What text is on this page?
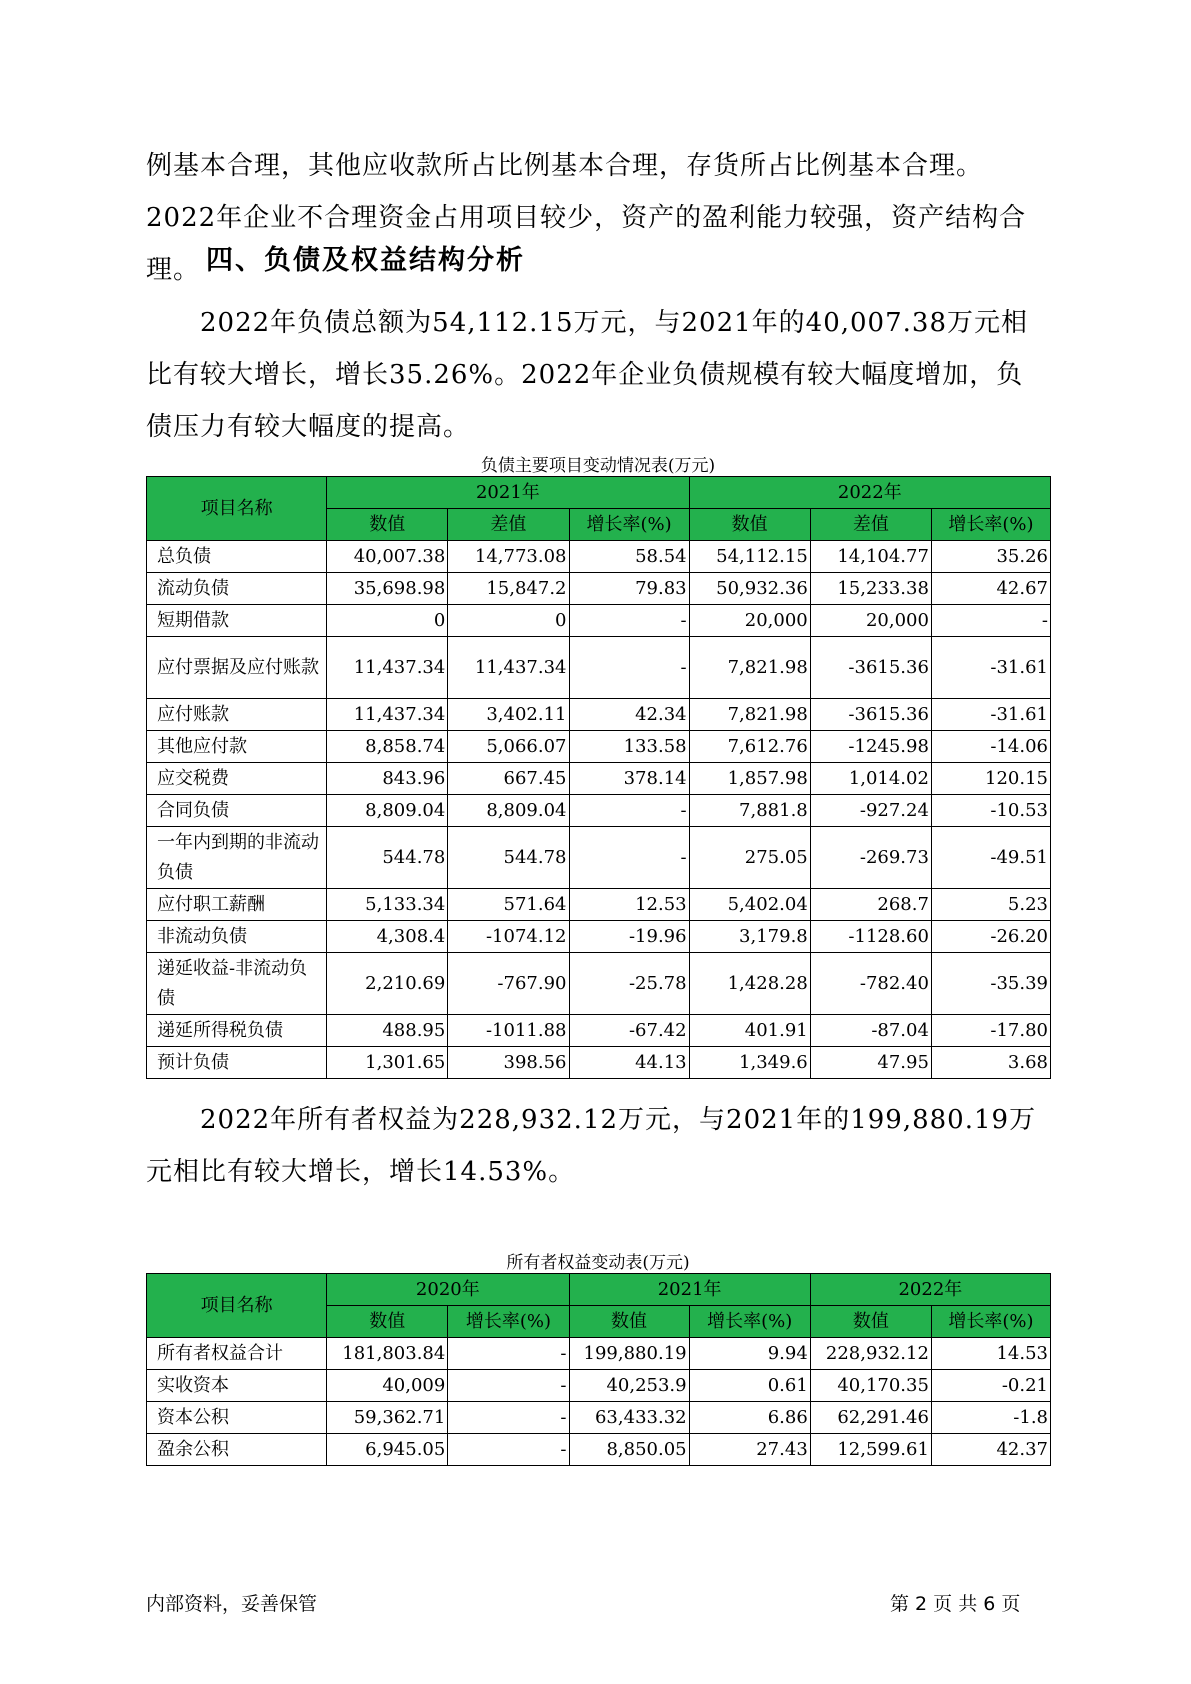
例基本合理，其他应收款所占比例基本合理，存货所占比例基本合理。2022年企业不合理资金占用项目较少，资产的盈利能力较强，资产结构合理。 四、负债及权益结构分析

2022年负债总额为54,112.15万元，与2021年的40,007.38万元相比有较大增长，增长35.26%。2022年企业负债规模有较大幅度增加，负债压力有较大幅度的提高。

负债主要项目变动情况表(万元)
项目名称	2021年			2022年		
	数值	差值	增长率(%)	数值	差值	增长率(%)
总负债	40,007.38	14,773.08	58.54	54,112.15	14,104.77	35.26
流动负债	35,698.98	15,847.2	79.83	50,932.36	15,233.38	42.67
短期借款	0	0	-	20,000	20,000	-
应付票据及应付账款	11,437.34	11,437.34	-	7,821.98	-3615.36	-31.61
应付账款	11,437.34	3,402.11	42.34	7,821.98	-3615.36	-31.61
其他应付款	8,858.74	5,066.07	133.58	7,612.76	-1245.98	-14.06
应交税费	843.96	667.45	378.14	1,857.98	1,014.02	120.15
合同负债	8,809.04	8,809.04	-	7,881.8	-927.24	-10.53
一年内到期的非流动负债	544.78	544.78	-	275.05	-269.73	-49.51
应付职工薪酬	5,133.34	571.64	12.53	5,402.04	268.7	5.23
非流动负债	4,308.4	-1074.12	-19.96	3,179.8	-1128.60	-26.20
递延收益-非流动负债	2,210.69	-767.90	-25.78	1,428.28	-782.40	-35.39
递延所得税负债	488.95	-1011.88	-67.42	401.91	-87.04	-17.80
预计负债	1,301.65	398.56	44.13	1,349.6	47.95	3.68

2022年所有者权益为228,932.12万元，与2021年的199,880.19万元相比有较大增长，增长14.53%。

所有者权益变动表(万元)
项目名称	2020年		2021年		2022年	
	数值	增长率(%)	数值	增长率(%)	数值	增长率(%)
所有者权益合计	181,803.84	-	199,880.19	9.94	228,932.12	14.53
实收资本	40,009	-	40,253.9	0.61	40,170.35	-0.21
资本公积	59,362.71	-	63,433.32	6.86	62,291.46	-1.8
盈余公积	6,945.05	-	8,850.05	27.43	12,599.61	42.37
内部资料，妥善保管	第 2 页 共 6 页
